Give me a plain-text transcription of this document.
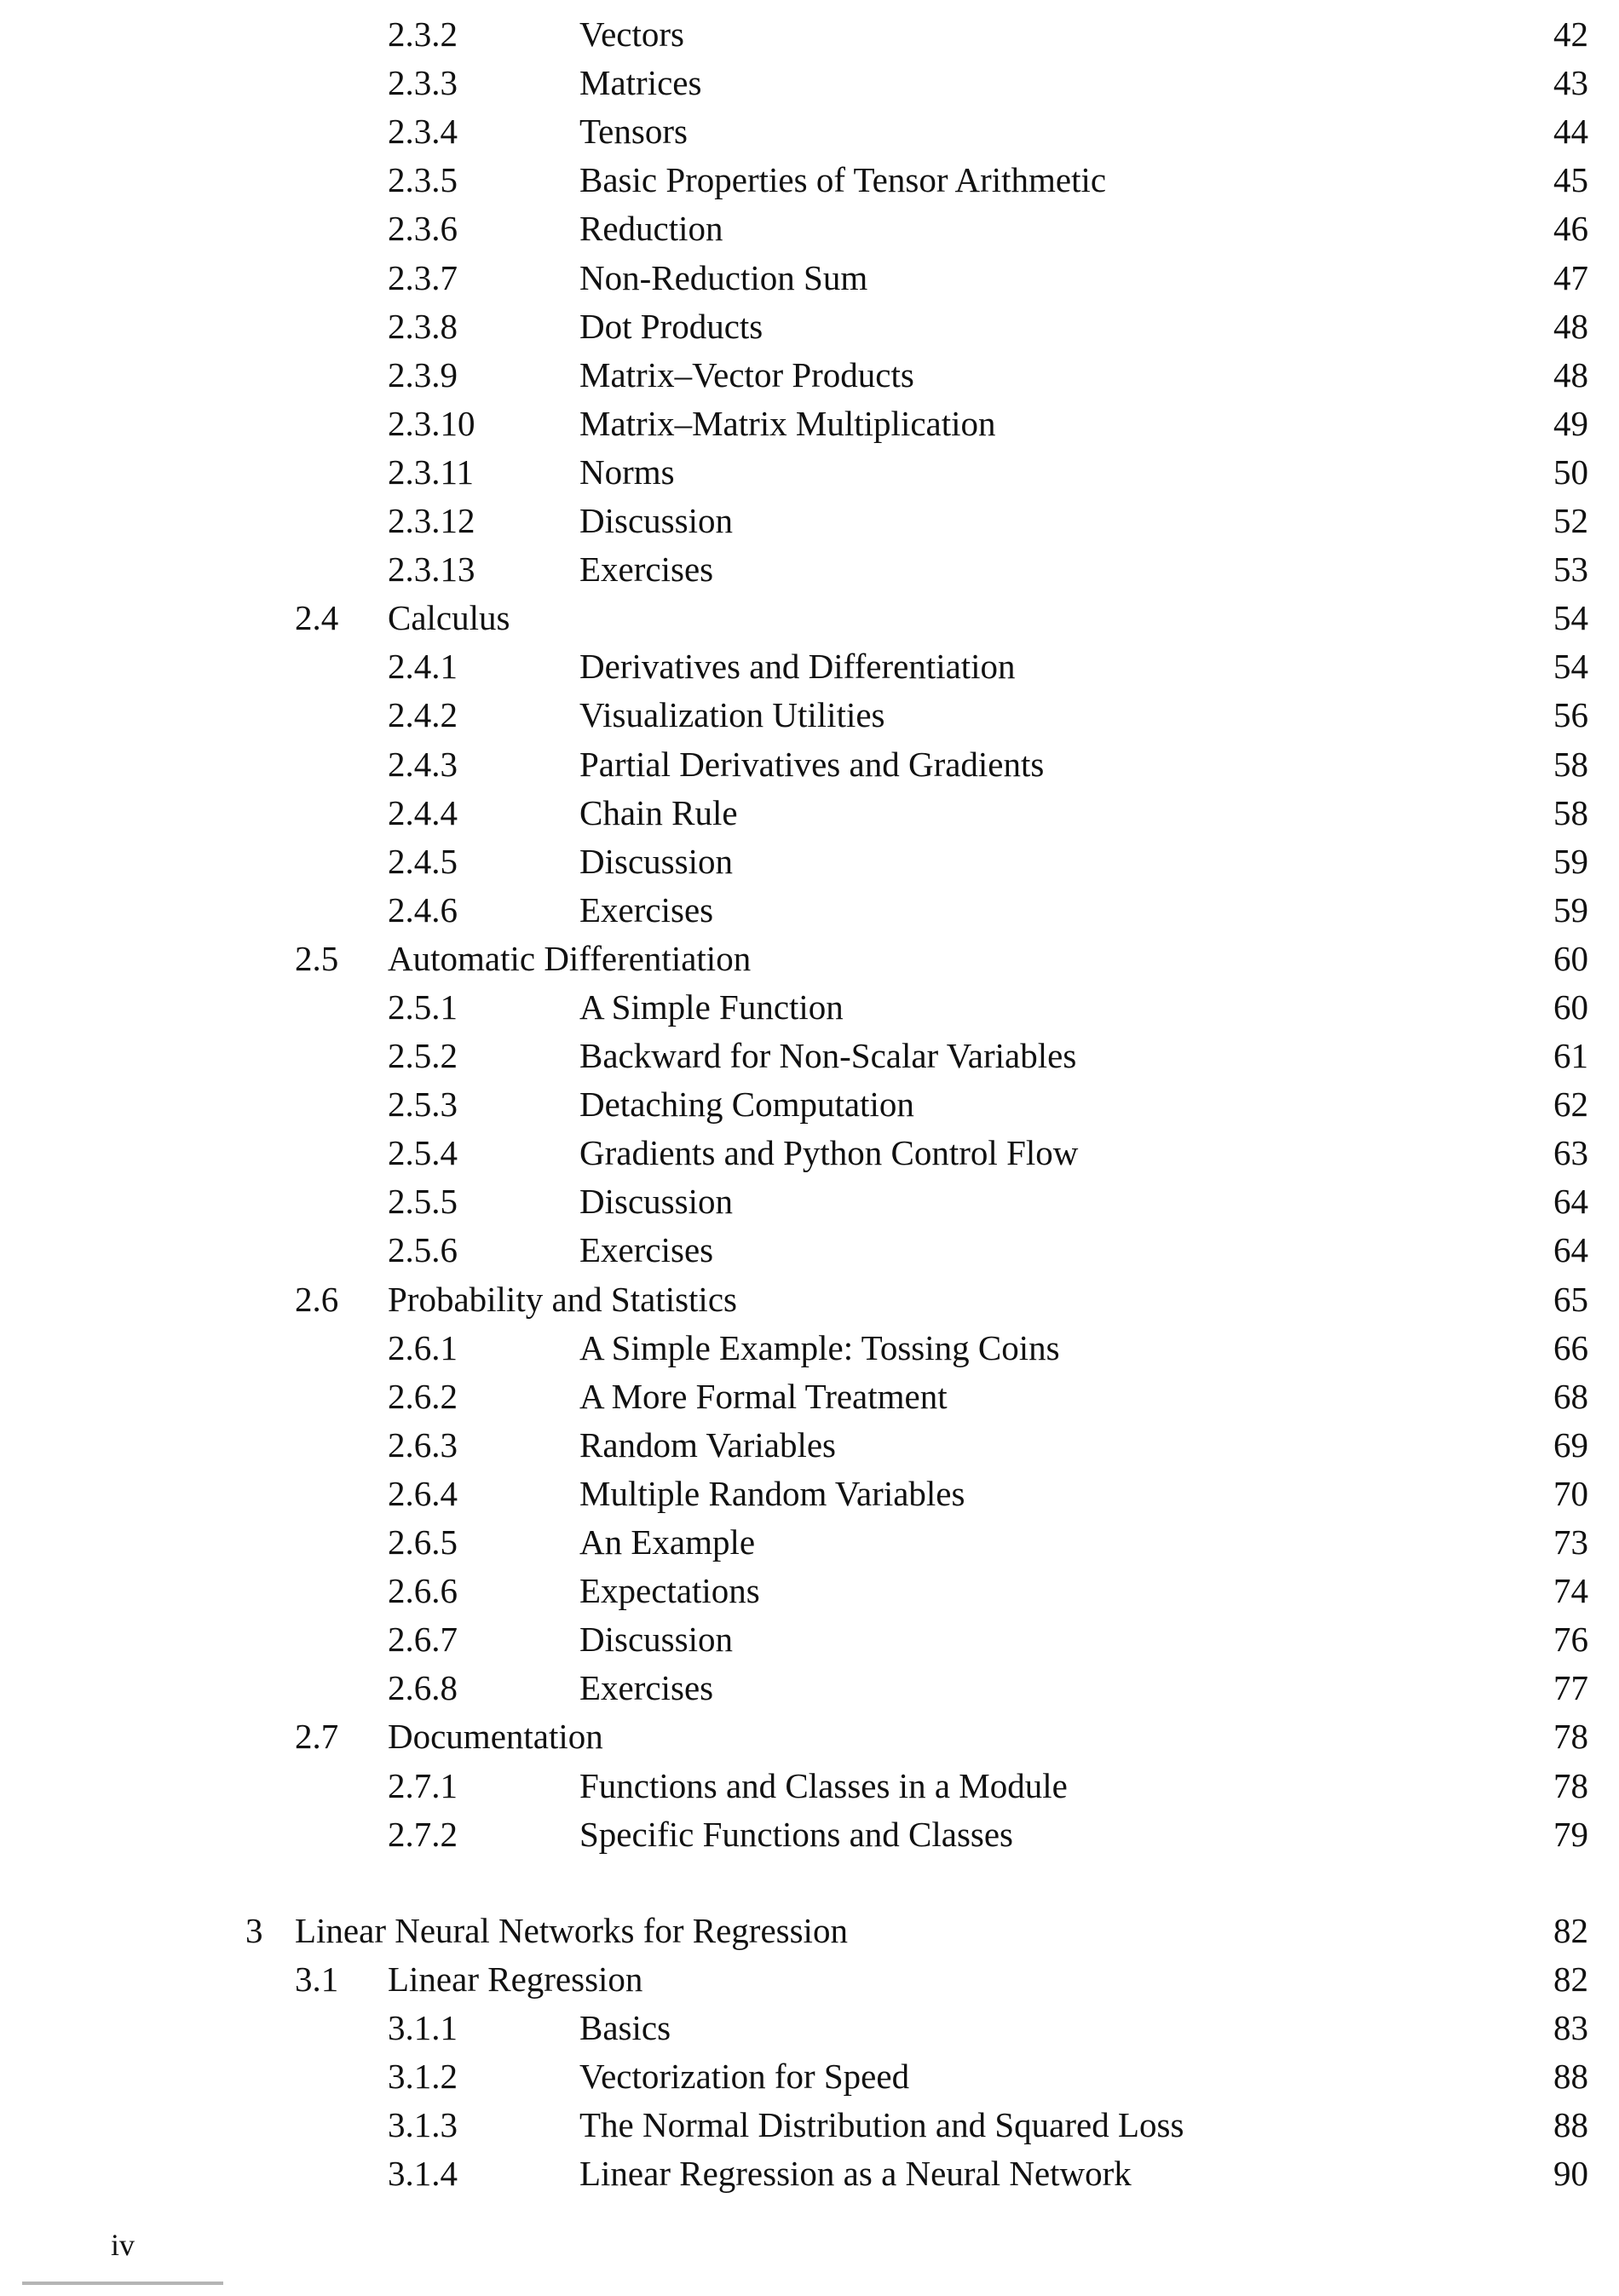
2.3.2	Vectors	42
2.3.3	Matrices	43
2.3.4	Tensors	44
2.3.5	Basic Properties of Tensor Arithmetic	45
2.3.6	Reduction	46
2.3.7	Non-Reduction Sum	47
2.3.8	Dot Products	48
2.3.9	Matrix–Vector Products	48
2.3.10	Matrix–Matrix Multiplication	49
2.3.11	Norms	50
2.3.12	Discussion	52
2.3.13	Exercises	53
2.4 Calculus	54
2.4.1	Derivatives and Differentiation	54
2.4.2	Visualization Utilities	56
2.4.3	Partial Derivatives and Gradients	58
2.4.4	Chain Rule	58
2.4.5	Discussion	59
2.4.6	Exercises	59
2.5 Automatic Differentiation	60
2.5.1	A Simple Function	60
2.5.2	Backward for Non-Scalar Variables	61
2.5.3	Detaching Computation	62
2.5.4	Gradients and Python Control Flow	63
2.5.5	Discussion	64
2.5.6	Exercises	64
2.6 Probability and Statistics	65
2.6.1	A Simple Example: Tossing Coins	66
2.6.2	A More Formal Treatment	68
2.6.3	Random Variables	69
2.6.4	Multiple Random Variables	70
2.6.5	An Example	73
2.6.6	Expectations	74
2.6.7	Discussion	76
2.6.8	Exercises	77
2.7 Documentation	78
2.7.1	Functions and Classes in a Module	78
2.7.2	Specific Functions and Classes	79
3 Linear Neural Networks for Regression	82
3.1 Linear Regression	82
3.1.1	Basics	83
3.1.2	Vectorization for Speed	88
3.1.3	The Normal Distribution and Squared Loss	88
3.1.4	Linear Regression as a Neural Network	90
iv
